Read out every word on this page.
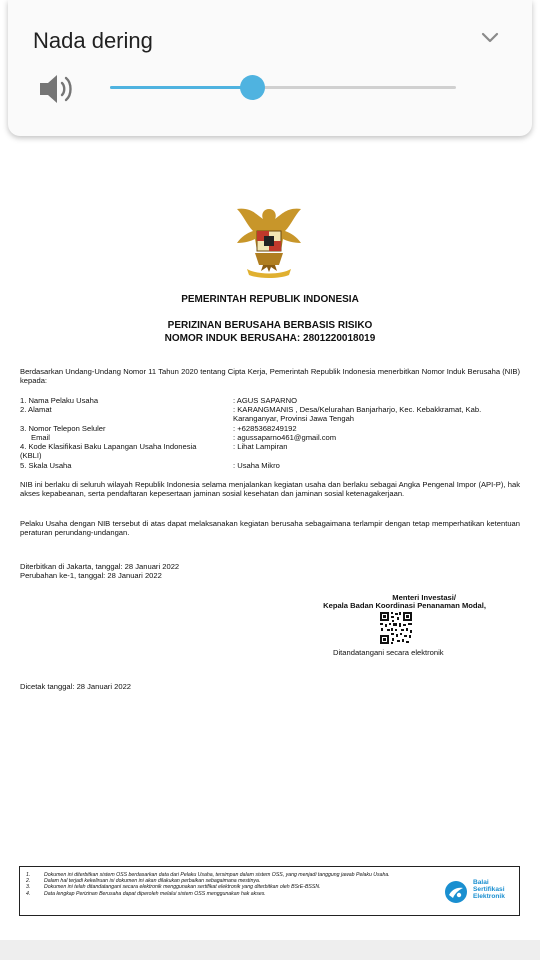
PEMERINTAH REPUBLIK INDONESIA
PERIZINAN BERUSAHA BERBASIS RISIKO
NOMOR INDUK BERUSAHA: 2801220018019
Berdasarkan Undang-Undang Nomor 11 Tahun 2020 tentang Cipta Kerja, Pemerintah Republik Indonesia menerbitkan Nomor Induk Berusaha (NIB) kepada:
1. Nama Pelaku Usaha	: AGUS SAPARNO
2. Alamat	: KARANGMANIS , Desa/Kelurahan Banjarharjo, Kec. Kebakkramat, Kab. Karanganyar, Provinsi Jawa Tengah
3. Nomor Telepon Seluler	: +6285368249192
Email	: agussaparno461@gmail.com
4. Kode Klasifikasi Baku Lapangan Usaha Indonesia (KBLI)
: Lihat Lampiran
5. Skala Usaha	: Usaha Mikro
NIB ini berlaku di seluruh wilayah Republik Indonesia selama menjalankan kegiatan usaha dan berlaku sebagai Angka Pengenal Impor (API-P), hak akses kepabeanan, serta pendaftaran kepesertaan jaminan sosial kesehatan dan jaminan sosial ketenagakerjaan.
Pelaku Usaha dengan NIB tersebut di atas dapat melaksanakan kegiatan berusaha sebagaimana terlampir dengan tetap memperhatikan ketentuan peraturan perundang-undangan.
Diterbitkan di Jakarta, tanggal: 28 Januari 2022
Perubahan ke-1, tanggal: 28 Januari 2022
Menteri Investasi/
Kepala Badan Koordinasi Penanaman Modal,
Ditandatangani secara elektronik
Dicetak tanggal: 28 Januari 2022
1.	Dokumen ini diterbitkan sistem OSS berdasarkan data dari Pelaku Usaha, tersimpan dalam sistem OSS, yang menjadi tanggung jawab Pelaku Usaha.
2.	Dalam hal terjadi kekeliruan isi dokumen ini akan dilakukan perbaikan sebagaimana mestinya.
3.	Dokumen ini telah ditandatangani secara elektronik menggunakan sertifikat elektronik yang diterbitkan oleh BSrE-BSSN.
4.	Data lengkap Perizinan Berusaha dapat diperoleh melalui sistem OSS menggunakan hak akses.
Balai
Sertifikasi
Elektronik
Nada dering
